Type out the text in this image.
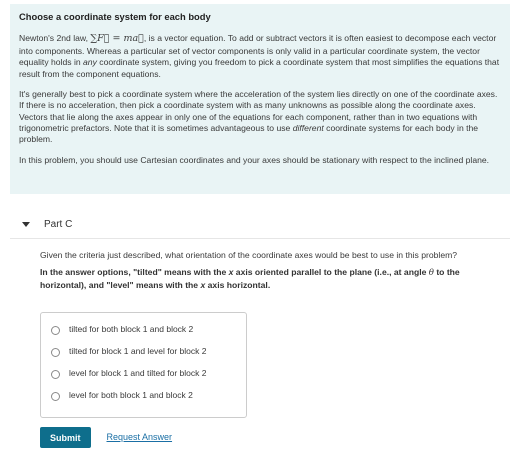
Choose a coordinate system for each body

Newton's 2nd law, ∑F⃗ = ma⃗, is a vector equation. To add or subtract vectors it is often easiest to decompose each vector into components. Whereas a particular set of vector components is only valid in a particular coordinate system, the vector equality holds in any coordinate system, giving you freedom to pick a coordinate system that most simplifies the equations that result from the component equations.

It's generally best to pick a coordinate system where the acceleration of the system lies directly on one of the coordinate axes. If there is no acceleration, then pick a coordinate system with as many unknowns as possible along the coordinate axes. Vectors that lie along the axes appear in only one of the equations for each component, rather than in two equations with trigonometric prefactors. Note that it is sometimes advantageous to use different coordinate systems for each body in the problem.

In this problem, you should use Cartesian coordinates and your axes should be stationary with respect to the inclined plane.

Part C

Given the criteria just described, what orientation of the coordinate axes would be best to use in this problem?

In the answer options, "tilted" means with the x axis oriented parallel to the plane (i.e., at angle θ to the horizontal), and "level" means with the x axis horizontal.

tilted for both block 1 and block 2
tilted for block 1 and level for block 2
level for block 1 and tilted for block 2
level for both block 1 and block 2
Submit	Request Answer
